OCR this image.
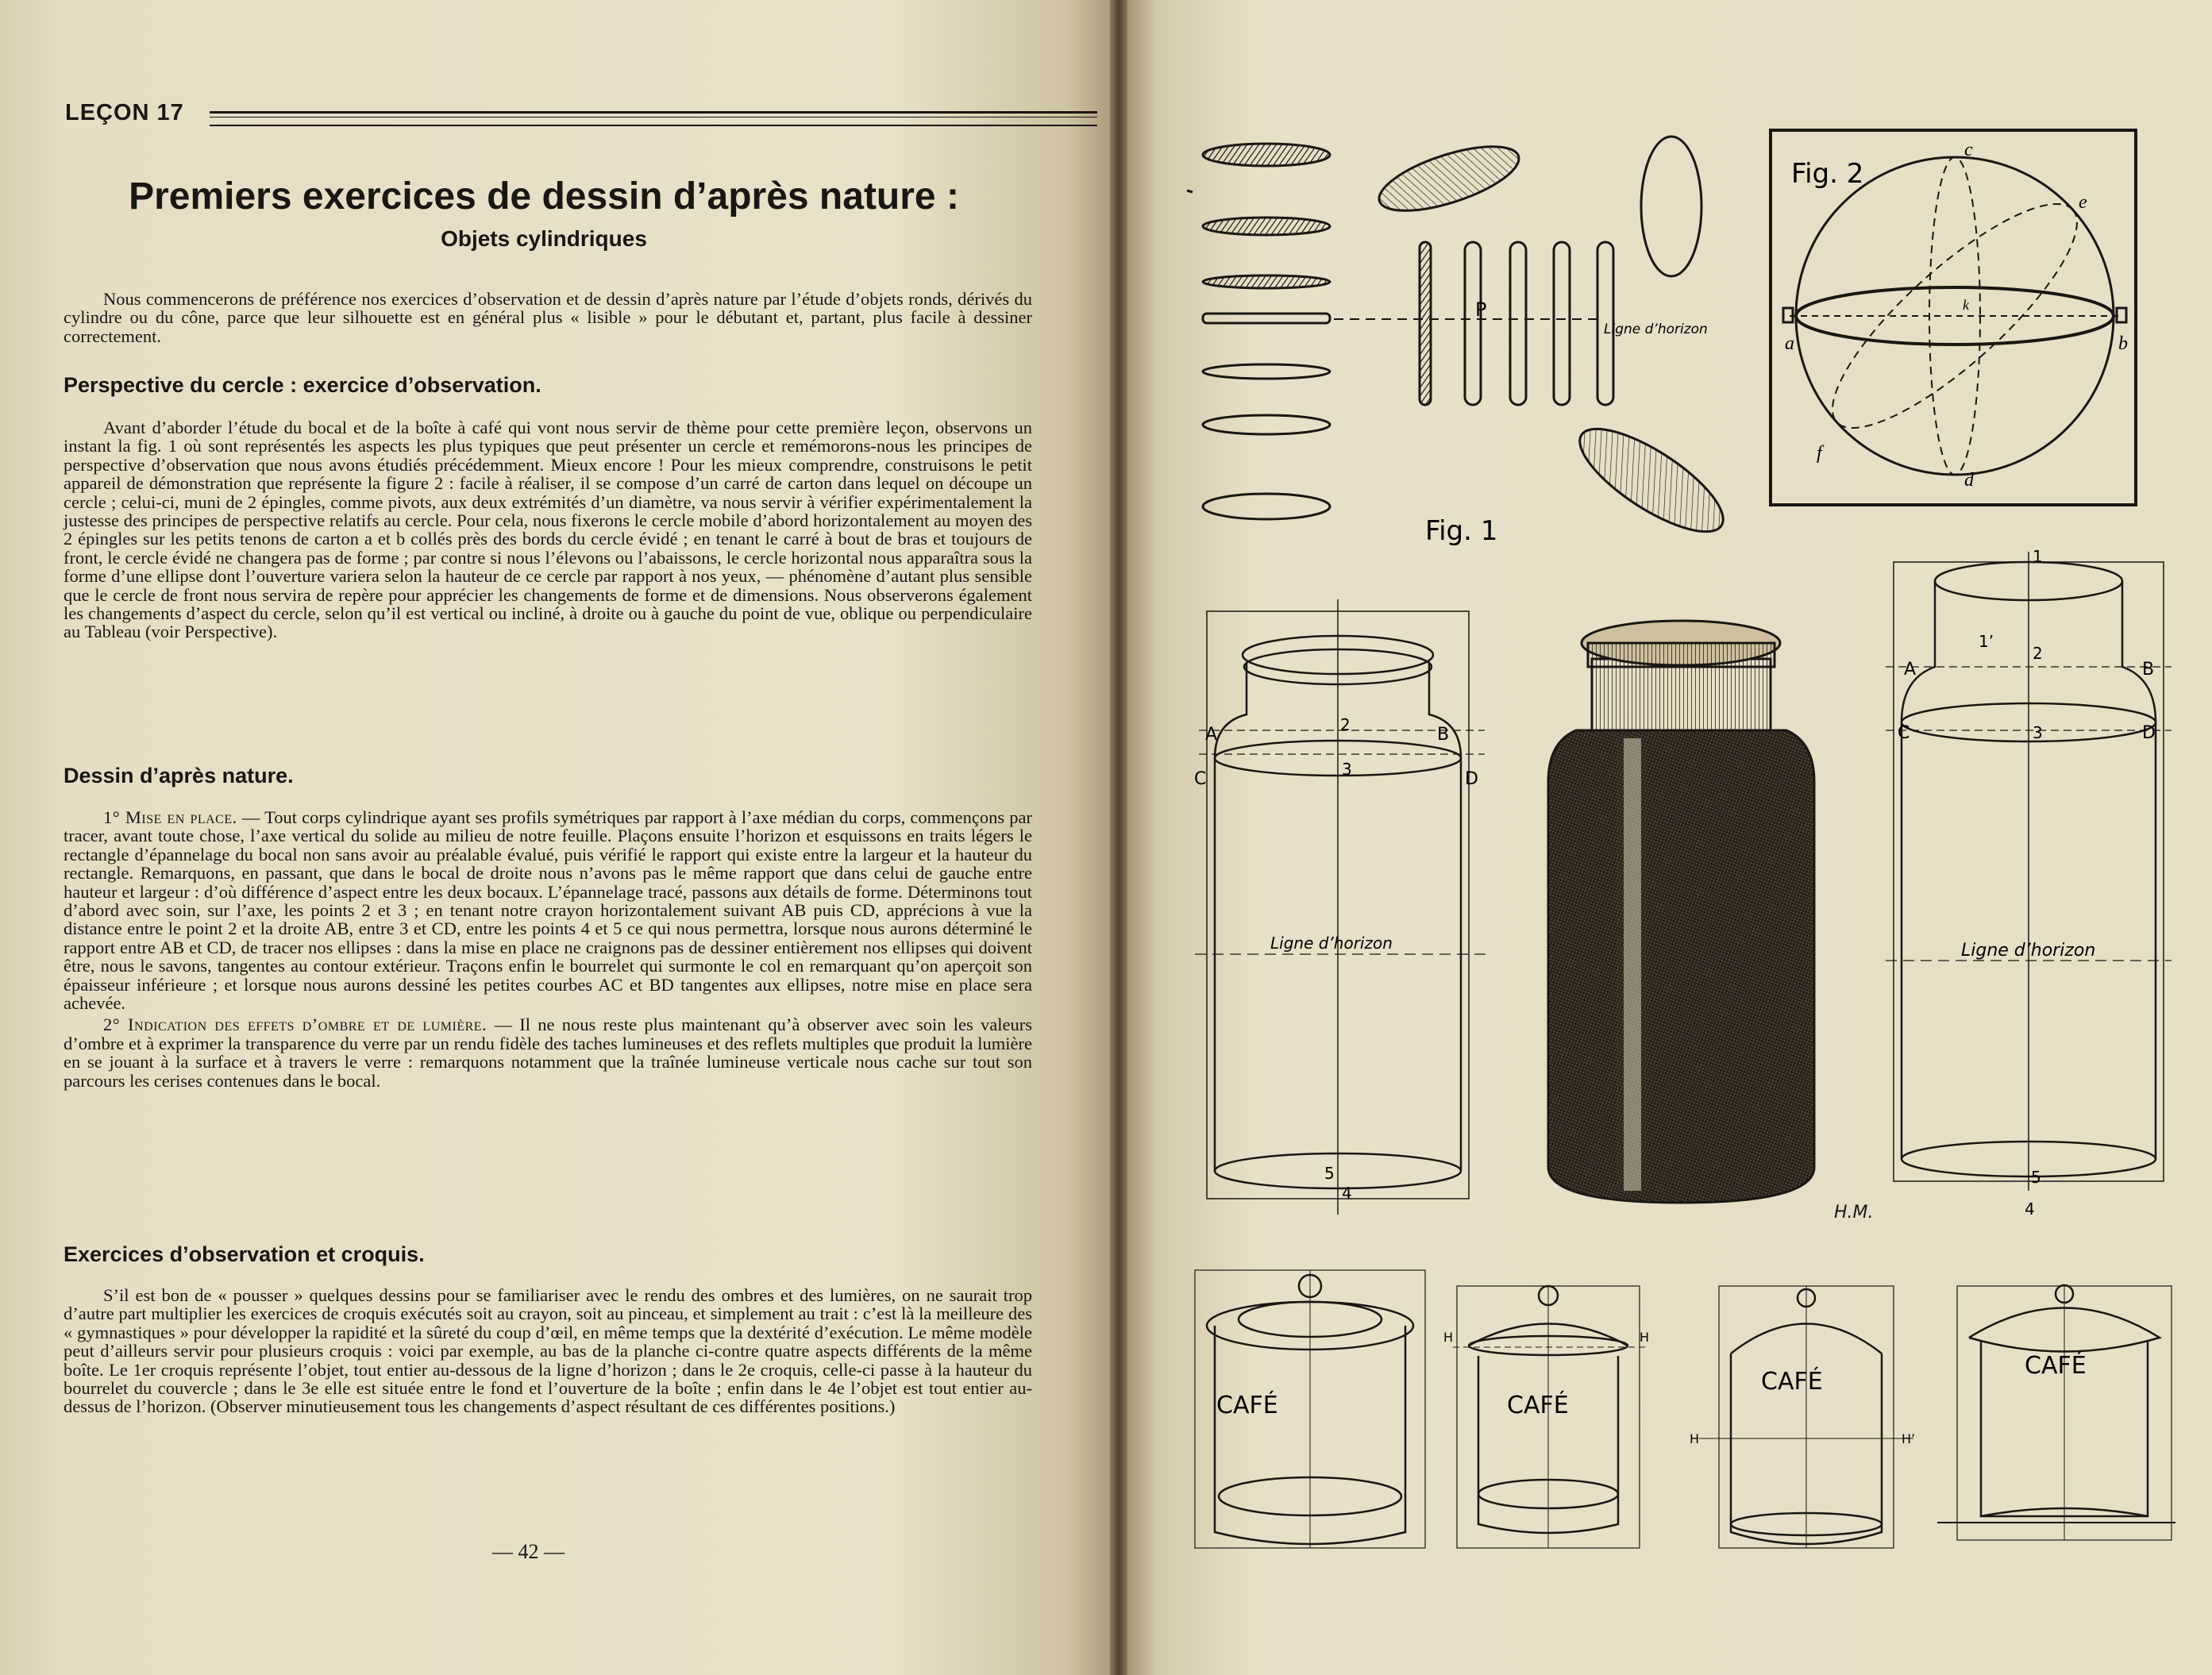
LEÇON 17
Premiers exercices de dessin d’après nature :
Objets cylindriques

Nous commencerons de préférence nos exercices d’observation et de dessin d’après nature par l’étude d’objets ronds, dérivés du cylindre ou du cône, parce que leur silhouette est en général plus « lisible » pour le débutant et, partant, plus facile à dessiner correctement.

Perspective du cercle : exercice d’observation.

Avant d’aborder l’étude du bocal et de la boîte à café qui vont nous servir de thème pour cette première leçon, observons un instant la fig. 1 où sont représentés les aspects les plus typiques que peut présenter un cercle et remémorons-nous les principes de perspective d’observation que nous avons étudiés précédemment. Mieux encore ! Pour les mieux comprendre, construisons le petit appareil de démonstration que représente la figure 2 : facile à réaliser, il se compose d’un carré de carton dans lequel on découpe un cercle ; celui-ci, muni de 2 épingles, comme pivots, aux deux extrémités d’un diamètre, va nous servir à vérifier expérimentalement la justesse des principes de perspective relatifs au cercle. Pour cela, nous fixerons le cercle mobile d’abord horizontalement au moyen des 2 épingles sur les petits tenons de carton a et b collés près des bords du cercle évidé ; en tenant le carré à bout de bras et toujours de front, le cercle évidé ne changera pas de forme ; par contre si nous l’élevons ou l’abaissons, le cercle horizontal nous apparaîtra sous la forme d’une ellipse dont l’ouverture variera selon la hauteur de ce cercle par rapport à nos yeux, — phénomène d’autant plus sensible que le cercle de front nous servira de repère pour apprécier les changements de forme et de dimensions. Nous observerons également les changements d’aspect du cercle, selon qu’il est vertical ou incliné, à droite ou à gauche du point de vue, oblique ou perpendiculaire au Tableau (voir Perspective).

Dessin d’après nature.

1° Mise en place. — Tout corps cylindrique ayant ses profils symétriques par rapport à l’axe médian du corps, commençons par tracer, avant toute chose, l’axe vertical du solide au milieu de notre feuille. Plaçons ensuite l’horizon et esquissons en traits légers le rectangle d’épannelage du bocal non sans avoir au préalable évalué, puis vérifié le rapport qui existe entre la largeur et la hauteur du rectangle. Remarquons, en passant, que dans le bocal de droite nous n’avons pas le même rapport que dans celui de gauche entre hauteur et largeur : d’où différence d’aspect entre les deux bocaux. L’épannelage tracé, passons aux détails de forme. Déterminons tout d’abord avec soin, sur l’axe, les points 2 et 3 ; en tenant notre crayon horizontalement suivant AB puis CD, apprécions à vue la distance entre le point 2 et la droite AB, entre 3 et CD, entre les points 4 et 5 ce qui nous permettra, lorsque nous aurons déterminé le rapport entre AB et CD, de tracer nos ellipses : dans la mise en place ne craignons pas de dessiner entièrement nos ellipses qui doivent être, nous le savons, tangentes au contour extérieur. Traçons enfin le bourrelet qui surmonte le col en remarquant qu’on aperçoit son épaisseur inférieure ; et lorsque nous aurons dessiné les petites courbes AC et BD tangentes aux ellipses, notre mise en place sera achevée.

2° Indication des effets d’ombre et de lumière. — Il ne nous reste plus maintenant qu’à observer avec soin les valeurs d’ombre et à exprimer la transparence du verre par un rendu fidèle des taches lumineuses et des reflets multiples que produit la lumière en se jouant à la surface et à travers le verre : remarquons notamment que la traînée lumineuse verticale nous cache sur tout son parcours les cerises contenues dans le bocal.

Exercices d’observation et croquis.

S’il est bon de « pousser » quelques dessins pour se familiariser avec le rendu des ombres et des lumières, on ne saurait trop d’autre part multiplier les exercices de croquis exécutés soit au crayon, soit au pinceau, et simplement au trait : c’est là la meilleure des « gymnastiques » pour développer la rapidité et la sûreté du coup d’œil, en même temps que la dextérité d’exécution. Le même modèle peut d’ailleurs servir pour plusieurs croquis : voici par exemple, au bas de la planche ci-contre quatre aspects différents de la même boîte. Le 1er croquis représente l’objet, tout entier au-dessous de la ligne d’horizon ; dans le 2e croquis, celle-ci passe à la hauteur du bourrelet du couvercle ; dans le 3e elle est située entre le fond et l’ouverture de la boîte ; enfin dans le 4e l’objet est tout entier au-dessus de l’horizon. (Observer minutieusement tous les changements d’aspect résultant de ces différentes positions.)

— 42 —
P
Ligne d’horizon
Fig. 1
Fig. 2
a	b
c
d
e
f
k
A	B
C	D
2
3
5
4
Ligne d’horizon
1
1’
2
3
5
4
A	B
C	D
Ligne d’horizon
H.M.
CAFÉ	CAFÉ
CAFÉ
CAFÉ
H	H
H	H’
